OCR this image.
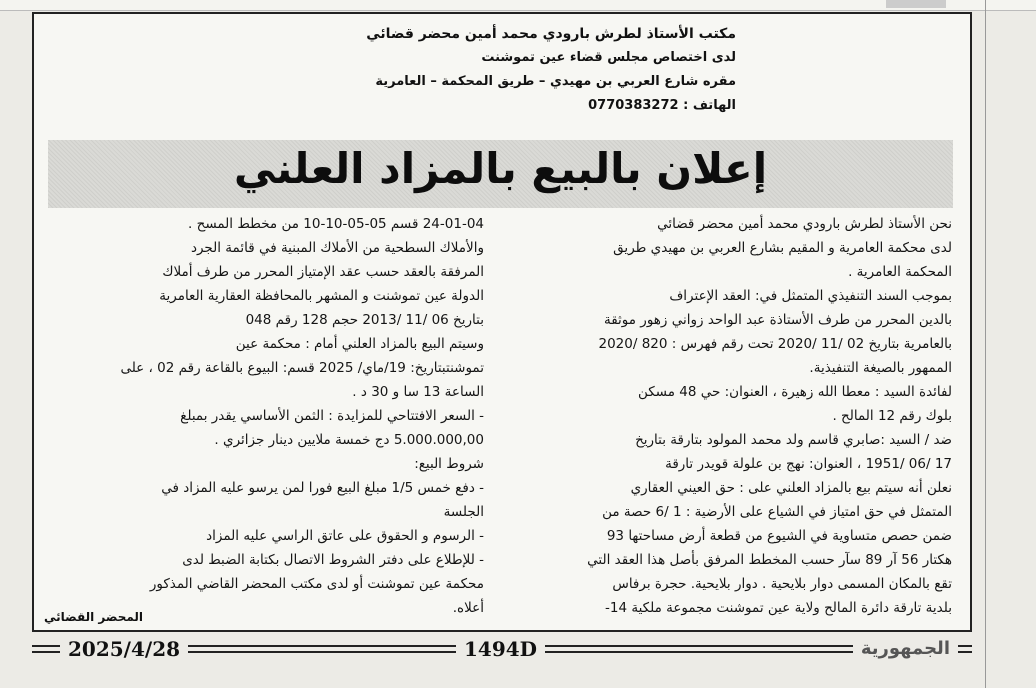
مكتب الأستاذ لطرش بارودي محمد أمين محضر قضائي
لدى اختصاص مجلس قضاء عين تموشنت
مقره شارع العربي بن مهيدي – طريق المحكمة – العامرية
الهاتف : 0770383272
إعلان بالبيع بالمزاد العلني

نحن الأستاذ لطرش بارودي محمد أمين محضر قضائي

لدى محكمة العامرية و المقيم بشارع العربي بن مهيدي طريق

المحكمة العامرية .

بموجب السند التنفيذي المتمثل في: العقد الإعتراف

بالدين المحرر من طرف الأستاذة عبد الواحد زواني زهور موثقة

بالعامرية بتاريخ 02 /11 /2020 تحت رقم فهرس : 820 /2020

الممهور بالصيغة التنفيذية.

لفائدة السيد : معطا الله زهيرة ، العنوان: حي 48 مسكن

بلوك رقم 12 المالح .

ضد / السيد :صابري قاسم ولد محمد المولود بتارقة بتاريخ

17 /06 /1951 ، العنوان: نهج بن علولة قويدر تارقة

نعلن أنه سيتم بيع بالمزاد العلني على : حق العيني العقاري

المتمثل في حق امتياز في الشياع على الأرضية : 1 /6 حصة من

ضمن حصص متساوية في الشيوع من قطعة أرض مساحتها 93

هكتار 56 آر 89 سآر حسب المخطط المرفق بأصل هذا العقد التي

تقع بالمكان المسمى دوار بلايحية . دوار بلايحية. حجرة برفاس

بلدية تارقة دائرة المالح ولاية عين تموشنت مجموعة ملكية 14-

24-01-04 قسم 05-05-10-10 من مخطط المسح .

والأملاك السطحية من الأملاك المبنية في قائمة الجرد

المرفقة بالعقد حسب عقد الإمتياز المحرر من طرف أملاك

الدولة عين تموشنت و المشهر بالمحافظة العقارية العامرية

بتاريخ 06 /11 /2013 حجم 128 رقم 048

وسيتم البيع بالمزاد العلني أمام : محكمة عين

تموشنتبتاريخ: 19/ماي/ 2025 قسم: البيوع بالقاعة رقم 02 ، على

الساعة 13 سا و 30 د .

- السعر الافتتاحي للمزايدة : الثمن الأساسي يقدر بمبلغ

5.000.000,00 دج خمسة ملايين دينار جزائري .

شروط البيع:

- دفع خمس 1/5 مبلغ البيع فورا لمن يرسو عليه المزاد في

الجلسة

- الرسوم و الحقوق على عاتق الراسي عليه المزاد

- للإطلاع على دفتر الشروط الاتصال بكتابة الضبط لدى

محكمة عين تموشنت أو لدى مكتب المحضر القاضي المذكور

أعلاه.

المحضر القضائي
2025/4/28	1494D	الجمهورية
